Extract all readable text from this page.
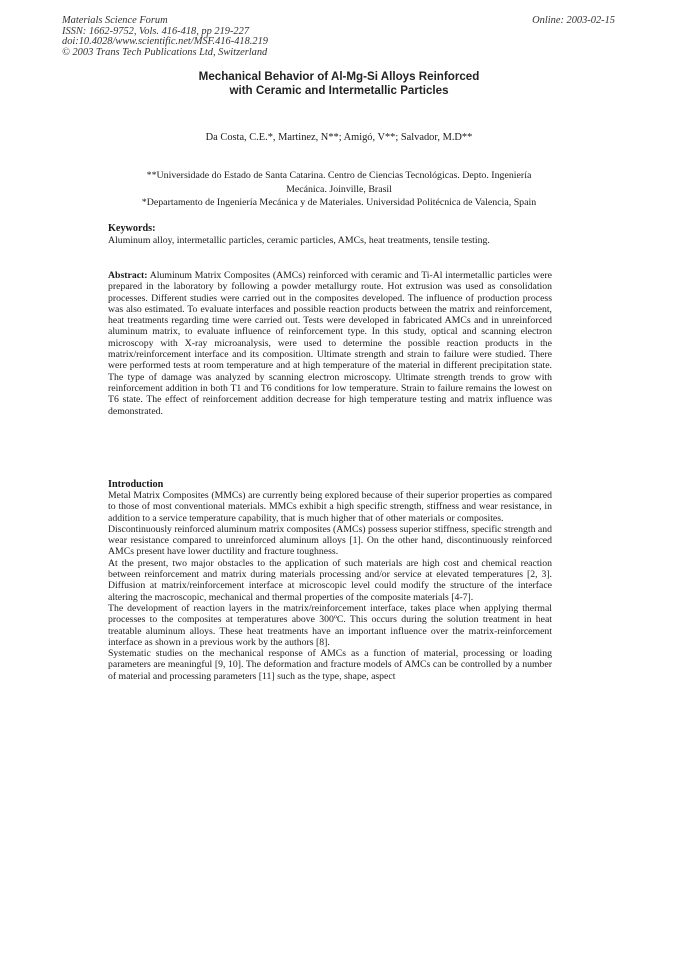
Materials Science Forum
ISSN: 1662-9752, Vols. 416-418, pp 219-227
doi:10.4028/www.scientific.net/MSF.416-418.219
© 2003 Trans Tech Publications Ltd, Switzerland
Online: 2003-02-15
Mechanical Behavior of Al-Mg-Si Alloys Reinforced
with Ceramic and Intermetallic Particles
Da Costa, C.E.*, Martinez, N**; Amigó, V**; Salvador, M.D**
**Universidade do Estado de Santa Catarina. Centro de Ciencias Tecnológicas. Depto. Ingeniería
Mecánica. Joinville, Brasil
*Departamento de Ingeniería Mecánica y de Materiales. Universidad Politécnica de Valencia, Spain
Keywords:
Aluminum alloy, intermetallic particles, ceramic particles, AMCs, heat treatments, tensile testing.
Abstract: Aluminum Matrix Composites (AMCs) reinforced with ceramic and Ti-Al intermetallic particles were prepared in the laboratory by following a powder metallurgy route. Hot extrusion was used as consolidation processes. Different studies were carried out in the composites developed. The influence of production process was also estimated. To evaluate interfaces and possible reaction products between the matrix and reinforcement, heat treatments regarding time were carried out. Tests were developed in fabricated AMCs and in unreinforced aluminum matrix, to evaluate influence of reinforcement type. In this study, optical and scanning electron microscopy with X-ray microanalysis, were used to determine the possible reaction products in the matrix/reinforcement interface and its composition. Ultimate strength and strain to failure were studied. There were performed tests at room temperature and at high temperature of the material in different precipitation state. The type of damage was analyzed by scanning electron microscopy. Ultimate strength trends to grow with reinforcement addition in both T1 and T6 conditions for low temperature. Strain to failure remains the lowest on T6 state. The effect of reinforcement addition decrease for high temperature testing and matrix influence was demonstrated.
Introduction

Metal Matrix Composites (MMCs) are currently being explored because of their superior properties as compared to those of most conventional materials. MMCs exhibit a high specific strength, stiffness and wear resistance, in addition to a service temperature capability, that is much higher that of other materials or composites.

Discontinuously reinforced aluminum matrix composites (AMCs) possess superior stiffness, specific strength and wear resistance compared to unreinforced aluminum alloys [1]. On the other hand, discontinuously reinforced AMCs present have lower ductility and fracture toughness.

At the present, two major obstacles to the application of such materials are high cost and chemical reaction between reinforcement and matrix during materials processing and/or service at elevated temperatures [2, 3]. Diffusion at matrix/reinforcement interface at microscopic level could modify the structure of the interface altering the macroscopic, mechanical and thermal properties of the composite materials [4-7].

The development of reaction layers in the matrix/reinforcement interface, takes place when applying thermal processes to the composites at temperatures above 300ºC. This occurs during the solution treatment in heat treatable aluminum alloys. These heat treatments have an important influence over the matrix-reinforcement interface as shown in a previous work by the authors [8].

Systematic studies on the mechanical response of AMCs as a function of material, processing or loading parameters are meaningful [9, 10]. The deformation and fracture models of AMCs can be controlled by a number of material and processing parameters [11] such as the type, shape, aspect
